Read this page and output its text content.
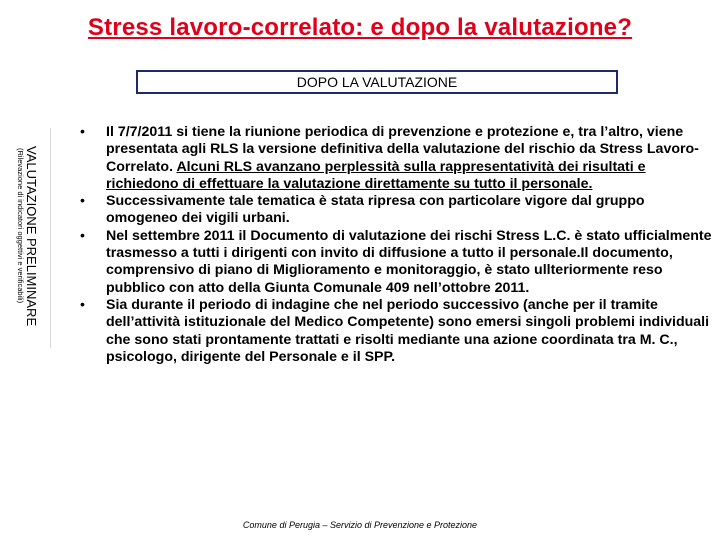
Stress lavoro-correlato: e dopo la valutazione?
DOPO LA VALUTAZIONE
VALUTAZIONE PRELIMINARE
(Rilevazione di indicatori oggettivi e verificabili)
• Il 7/7/2011 si tiene la riunione periodica di prevenzione e protezione e, tra l’altro, viene presentata agli RLS la versione definitiva della valutazione del rischio da Stress Lavoro-Correlato. Alcuni RLS avanzano perplessità sulla rappresentatività dei risultati e richiedono di effettuare la valutazione direttamente su tutto il personale.
• Successivamente tale tematica è stata ripresa con particolare vigore dal gruppo omogeneo dei vigili urbani.
• Nel settembre 2011 il Documento di valutazione dei rischi Stress L.C. è stato ufficialmente trasmesso a tutti i dirigenti con invito di diffusione a tutto il personale.Il documento, comprensivo di piano di Miglioramento e monitoraggio, è stato ullteriormente reso pubblico con atto della Giunta Comunale 409 nell’ottobre 2011.
• Sia durante il periodo di indagine che nel periodo successivo (anche per il tramite dell’attività istituzionale del Medico Competente) sono emersi singoli problemi individuali che sono stati prontamente trattati e risolti mediante una azione coordinata tra M. C., psicologo, dirigente del Personale e il SPP.
Comune di Perugia – Servizio di Prevenzione e Protezione
